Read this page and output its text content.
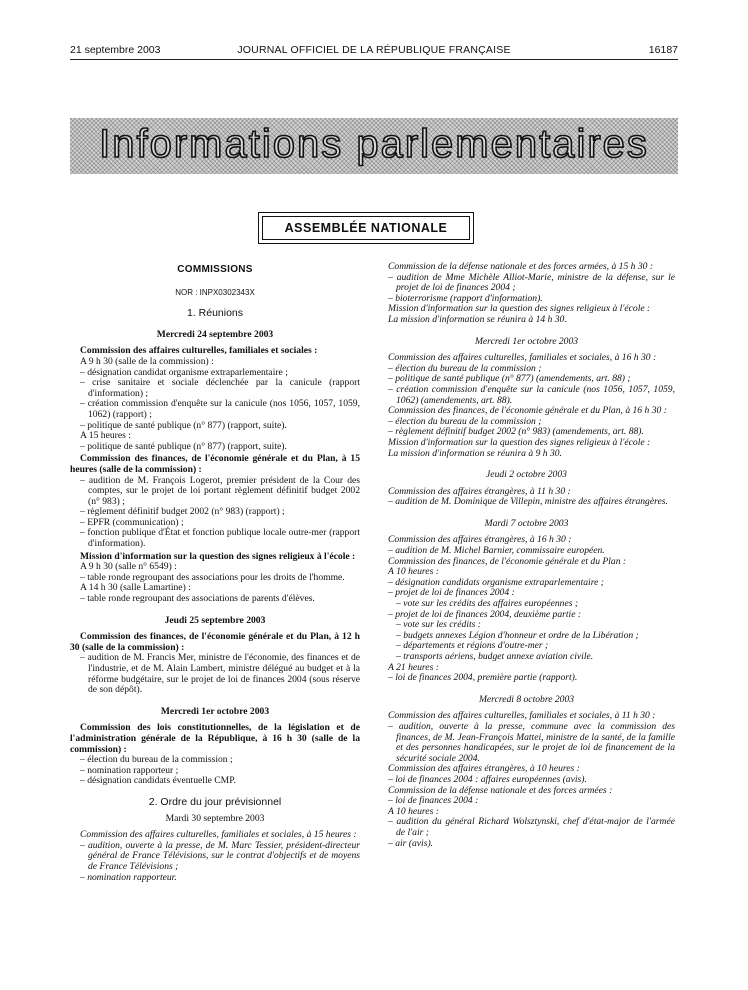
21 septembre 2003	JOURNAL OFFICIEL DE LA RÉPUBLIQUE FRANÇAISE	16187
Informations parlementaires
ASSEMBLÉE NATIONALE

COMMISSIONS

NOR : INPX0302343X

1. Réunions

Mercredi 24 septembre 2003

Commission des affaires culturelles, familiales et sociales :

A 9 h 30 (salle de la commission) :

– désignation candidat organisme extraparlementaire ;

– crise sanitaire et sociale déclenchée par la canicule (rapport d'information) ;

– création commission d'enquête sur la canicule (nos 1056, 1057, 1059, 1062) (rapport) ;

– politique de santé publique (n° 877) (rapport, suite).

A 15 heures :

– politique de santé publique (n° 877) (rapport, suite).

Commission des finances, de l'économie générale et du Plan, à 15 heures (salle de la commission) :

– audition de M. François Logerot, premier président de la Cour des comptes, sur le projet de loi portant règlement définitif budget 2002 (n° 983) ;

– règlement définitif budget 2002 (n° 983) (rapport) ;

– EPFR (communication) ;

– fonction publique d'État et fonction publique locale outre-mer (rapport d'information).

Mission d'information sur la question des signes religieux à l'école :

A 9 h 30 (salle n° 6549) :

– table ronde regroupant des associations pour les droits de l'homme.

A 14 h 30 (salle Lamartine) :

– table ronde regroupant des associations de parents d'élèves.

Jeudi 25 septembre 2003

Commission des finances, de l'économie générale et du Plan, à 12 h 30 (salle de la commission) :

– audition de M. Francis Mer, ministre de l'économie, des finances et de l'industrie, et de M. Alain Lambert, ministre délégué au budget et à la réforme budgétaire, sur le projet de loi de finances 2004 (sous réserve de son dépôt).

Mercredi 1er octobre 2003

Commission des lois constitutionnelles, de la législation et de l'administration générale de la République, à 16 h 30 (salle de la commission) :

– élection du bureau de la commission ;

– nomination rapporteur ;

– désignation candidats éventuelle CMP.

2. Ordre du jour prévisionnel

Mardi 30 septembre 2003

Commission des affaires culturelles, familiales et sociales, à 15 heures :

– audition, ouverte à la presse, de M. Marc Tessier, président-directeur général de France Télévisions, sur le contrat d'objectifs et de moyens de France Télévisions ;

– nomination rapporteur.

Commission de la défense nationale et des forces armées, à 15 h 30 :

– audition de Mme Michèle Alliot-Marie, ministre de la défense, sur le projet de loi de finances 2004 ;

– bioterrorisme (rapport d'information).

Mission d'information sur la question des signes religieux à l'école :

La mission d'information se réunira à 14 h 30.

Mercredi 1er octobre 2003

Commission des affaires culturelles, familiales et sociales, à 16 h 30 :

– élection du bureau de la commission ;

– politique de santé publique (n° 877) (amendements, art. 88) ;

– création commission d'enquête sur la canicule (nos 1056, 1057, 1059, 1062) (amendements, art. 88).

Commission des finances, de l'économie générale et du Plan, à 16 h 30 :

– élection du bureau de la commission ;

– règlement définitif budget 2002 (n° 983) (amendements, art. 88).

Mission d'information sur la question des signes religieux à l'école :

La mission d'information se réunira à 9 h 30.

Jeudi 2 octobre 2003

Commission des affaires étrangères, à 11 h 30 :

– audition de M. Dominique de Villepin, ministre des affaires étrangères.

Mardi 7 octobre 2003

Commission des affaires étrangères, à 16 h 30 :

– audition de M. Michel Barnier, commissaire européen.

Commission des finances, de l'économie générale et du Plan :

A 10 heures :

– désignation candidats organisme extraparlementaire ;

– projet de loi de finances 2004 :

– vote sur les crédits des affaires européennes ;

– projet de loi de finances 2004, deuxième partie :

– vote sur les crédits :

– budgets annexes Légion d'honneur et ordre de la Libération ;

– départements et régions d'outre-mer ;

– transports aériens, budget annexe aviation civile.

A 21 heures :

– loi de finances 2004, première partie (rapport).

Mercredi 8 octobre 2003

Commission des affaires culturelles, familiales et sociales, à 11 h 30 :

– audition, ouverte à la presse, commune avec la commission des finances, de M. Jean-François Mattei, ministre de la santé, de la famille et des personnes handicapées, sur le projet de loi de financement de la sécurité sociale 2004.

Commission des affaires étrangères, à 10 heures :

– loi de finances 2004 : affaires européennes (avis).

Commission de la défense nationale et des forces armées :

– loi de finances 2004 :

A 10 heures :

– audition du général Richard Wolsztynski, chef d'état-major de l'armée de l'air ;

– air (avis).
